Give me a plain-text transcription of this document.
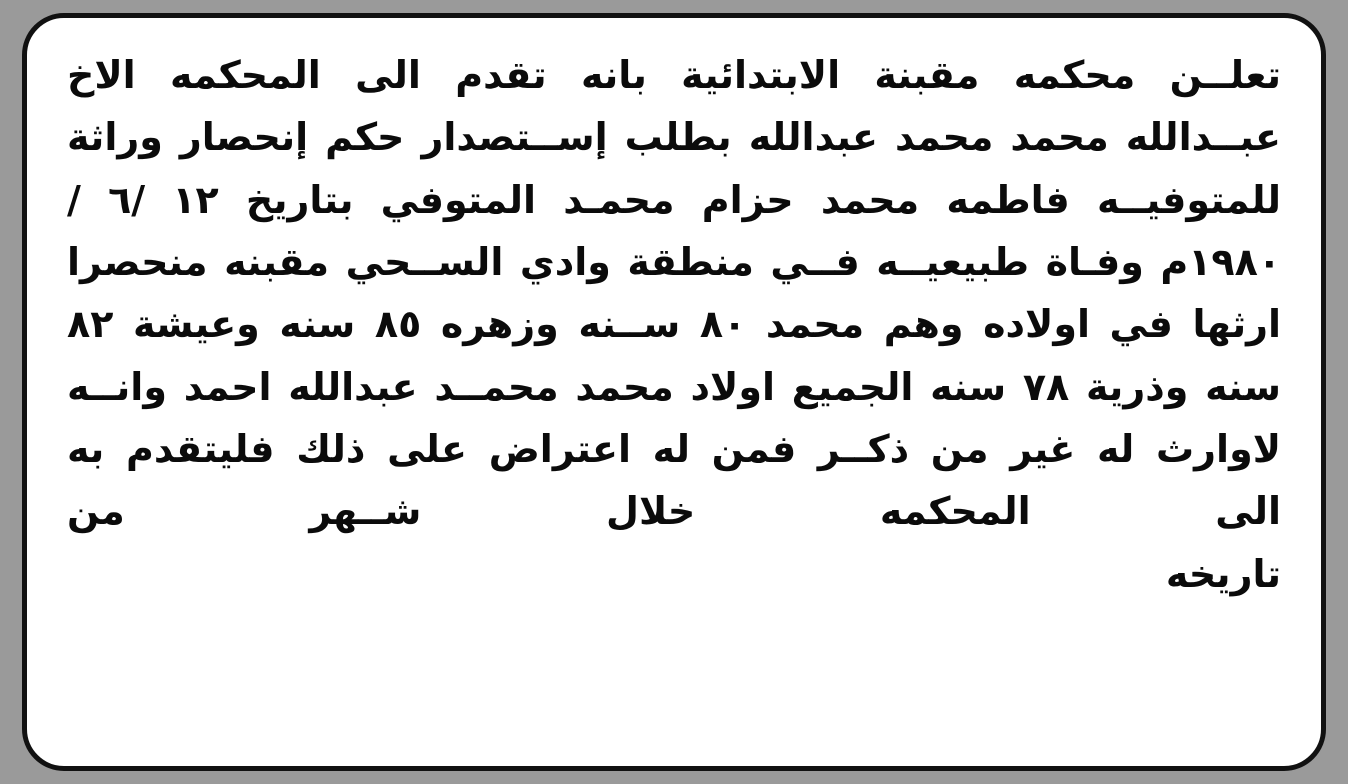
تعلــن محكمه مقبنة الابتدائية بانه تقدم الى المحكمه الاخ عبــدالله محمد محمد عبدالله بطلب إســتصدار حكم إنحصار وراثة للمتوفيــه فاطمه محمد حزام محمـد المتوفي بتاريخ ١٢ /٦ / ١٩٨٠م وفـاة طبيعيــه فــي منطقة وادي الســحي مقبنه منحصرا ارثها في اولاده وهم محمد ٨٠ ســنه وزهره ٨٥ سنه وعيشة ٨٢ سنه وذرية ٧٨ سنه الجميع اولاد محمد محمــد عبدالله احمد وانــه لاوارث له غير من ذكــر فمن له اعتراض على ذلك فليتقدم به الى المحكمه خلال شــهر من
تاريخه
